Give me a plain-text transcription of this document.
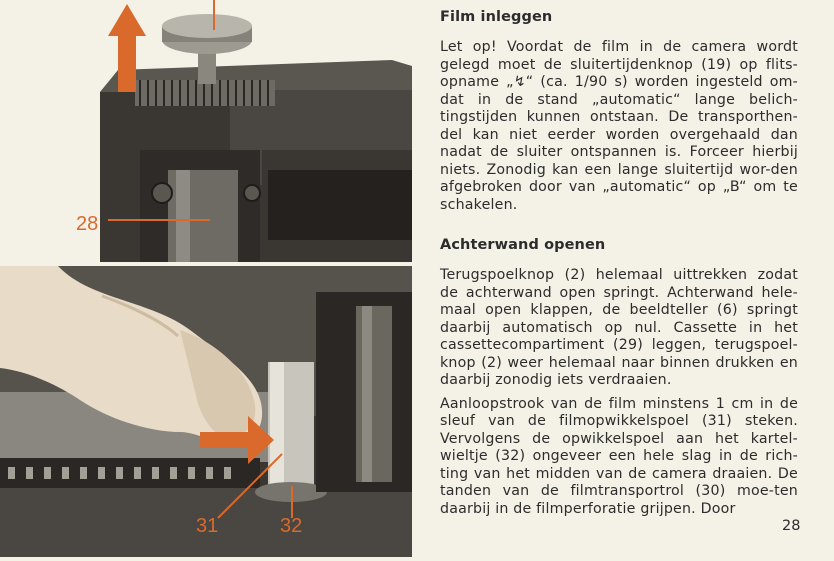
28
31	32
Film inleggen

Let op! Voordat de film in de camera wordt gelegd moet de sluitertijdenknop (19) op flits-opname „↯“ (ca. 1/90 s) worden ingesteld om-dat in de stand „automatic“ lange belich-tingstijden kunnen ontstaan. De transporthen-del kan niet eerder worden overgehaald dan nadat de sluiter ontspannen is. Forceer hierbij niets. Zonodig kan een lange sluitertijd wor-den afgebroken door van „automatic“ op „B“ om te schakelen.

Achterwand openen

Terugspoelknop (2) helemaal uittrekken zodat de achterwand open springt. Achterwand hele-maal open klappen, de beeldteller (6) springt daarbij automatisch op nul. Cassette in het cassettecompartiment (29) leggen, terugspoel-knop (2) weer helemaal naar binnen drukken en daarbij zonodig iets verdraaien.

Aanloopstrook van de film minstens 1 cm in de sleuf van de filmopwikkelspoel (31) steken. Vervolgens de opwikkelspoel aan het kartel-wieltje (32) ongeveer een hele slag in de rich-ting van het midden van de camera draaien. De tanden van de filmtransportrol (30) moe-ten daarbij in de filmperforatie grijpen. Door

28
